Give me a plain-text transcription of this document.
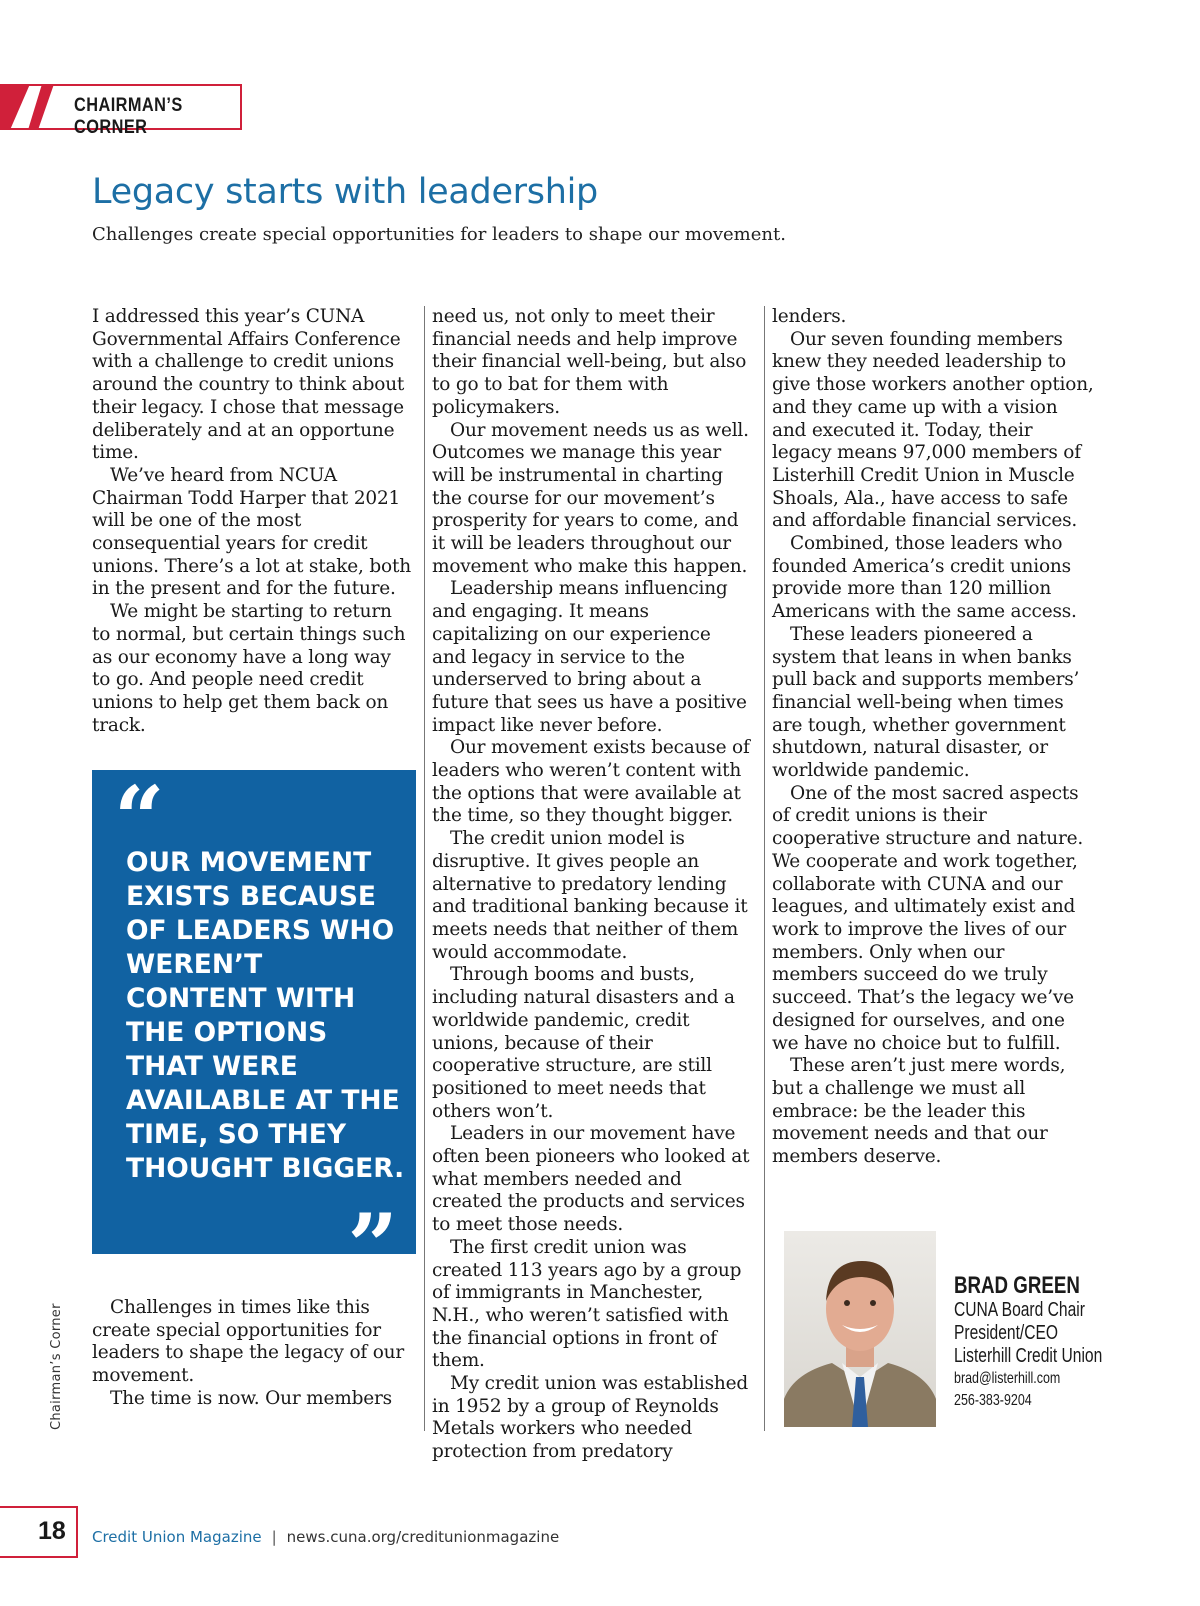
CHAIRMAN’S CORNER
Legacy starts with leadership

Challenges create special opportunities for leaders to shape our movement.

I addressed this year’s CUNA Governmental Affairs Conference with a challenge to credit unions around the country to think about their legacy. I chose that message deliberately and at an opportune time.

We’ve heard from NCUA Chairman Todd Harper that 2021 will be one of the most consequential years for credit unions. There’s a lot at stake, both in the present and for the future.

We might be starting to return to normal, but certain things such as our economy have a long way to go. And people need credit unions to help get them back on track.

“
OUR MOVEMENT EXISTS BECAUSE OF LEADERS WHO WEREN’T CONTENT WITH THE OPTIONS THAT WERE AVAILABLE AT THE TIME, SO THEY THOUGHT BIGGER.
”

Challenges in times like this create special opportunities for leaders to shape the legacy of our movement.

The time is now. Our members

need us, not only to meet their financial needs and help improve their financial well-being, but also to go to bat for them with policymakers.

Our movement needs us as well. Outcomes we manage this year will be instrumental in charting the course for our movement’s prosperity for years to come, and it will be leaders throughout our movement who make this happen.

Leadership means influencing and engaging. It means capitalizing on our experience and legacy in service to the underserved to bring about a future that sees us have a positive impact like never before.

Our movement exists because of leaders who weren’t content with the options that were available at the time, so they thought bigger.

The credit union model is disruptive. It gives people an alternative to predatory lending and traditional banking because it meets needs that neither of them would accommodate.

Through booms and busts, including natural disasters and a worldwide pandemic, credit unions, because of their cooperative structure, are still positioned to meet needs that others won’t.

Leaders in our movement have often been pioneers who looked at what members needed and created the products and services to meet those needs.

The first credit union was created 113 years ago by a group of immigrants in Manchester, N.H., who weren’t satisfied with the financial options in front of them.

My credit union was established in 1952 by a group of Reynolds Metals workers who needed protection from predatory

lenders.

Our seven founding members knew they needed leadership to give those workers another option, and they came up with a vision and executed it. Today, their legacy means 97,000 members of Listerhill Credit Union in Muscle Shoals, Ala., have access to safe and affordable financial services.

Combined, those leaders who founded America’s credit unions provide more than 120 million Americans with the same access.

These leaders pioneered a system that leans in when banks pull back and supports members’ financial well-being when times are tough, whether government shutdown, natural disaster, or worldwide pandemic.

One of the most sacred aspects of credit unions is their cooperative structure and nature. We cooperate and work together, collaborate with CUNA and our leagues, and ultimately exist and work to improve the lives of our members. Only when our members succeed do we truly succeed. That’s the legacy we’ve designed for ourselves, and one we have no choice but to fulfill.

These aren’t just mere words, but a challenge we must all embrace: be the leader this movement needs and that our members deserve.

BRAD GREEN
CUNA Board Chair
President/CEO
Listerhill Credit Union
brad@listerhill.com
256-383-9204
Chairman’s Corner
18 Credit Union Magazine | news.cuna.org/creditunionmagazine
